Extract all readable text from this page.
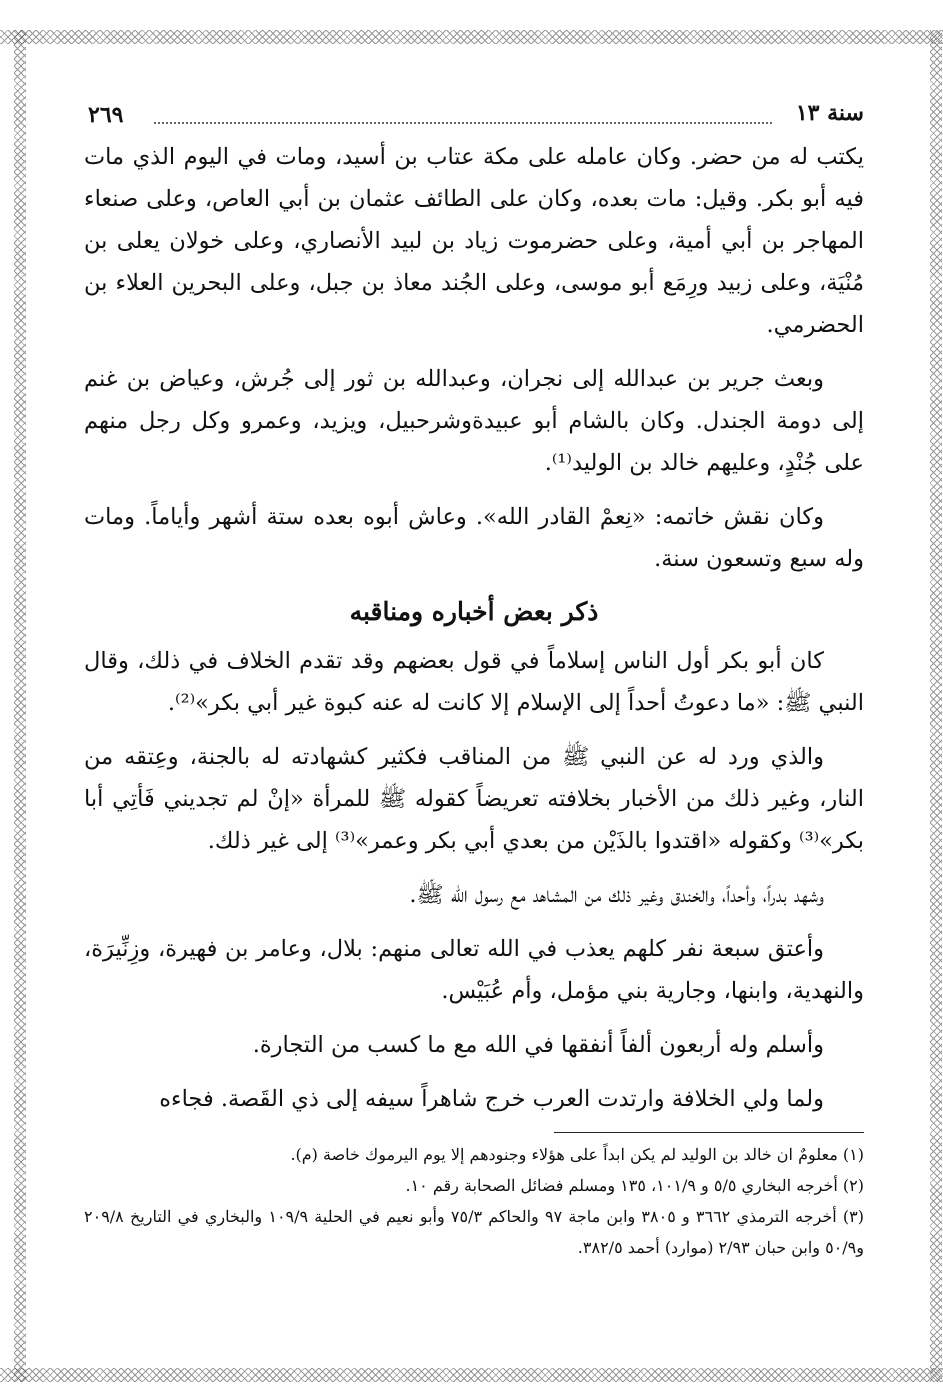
سنة ١٣
٢٦٩

يكتب له من حضر. وكان عامله على مكة عتاب بن أسيد، ومات في اليوم الذي مات فيه أبو بكر. وقيل: مات بعده، وكان على الطائف عثمان بن أبي العاص، وعلى صنعاء المهاجر بن أبي أمية، وعلى حضرموت زياد بن لبيد الأنصاري، وعلى خولان يعلى بن مُنْيَة، وعلى زبيد ورِمَع أبو موسى، وعلى الجُند معاذ بن جبل، وعلى البحرين العلاء بن الحضرمي.

وبعث جرير بن عبدالله إلى نجران، وعبدالله بن ثور إلى جُرش، وعياض بن غنم إلى دومة الجندل. وكان بالشام أبو عبيدةوشرحبيل، ويزيد، وعمرو وكل رجل منهم على جُنْدٍ، وعليهم خالد بن الوليد⁽¹⁾.

وكان نقش خاتمه: «نِعمْ القادر الله». وعاش أبوه بعده ستة أشهر وأياماً. ومات وله سبع وتسعون سنة.

ذكر بعض أخباره ومناقبه

كان أبو بكر أول الناس إسلاماً في قول بعضهم وقد تقدم الخلاف في ذلك، وقال النبي ﷺ: «ما دعوتُ أحداً إلى الإسلام إلا كانت له عنه كبوة غير أبي بكر»⁽²⁾.

والذي ورد له عن النبي ﷺ من المناقب فكثير كشهادته له بالجنة، وعِتقه من النار، وغير ذلك من الأخبار بخلافته تعريضاً كقوله ﷺ للمرأة «إنْ لم تجديني فَأتِي أبا بكر»⁽³⁾ وكقوله «اقتدوا بالذَيْن من بعدي أبي بكر وعمر»⁽³⁾ إلى غير ذلك.

وشهد بدراً، وأحداً، والخندق وغير ذلك من المشاهد مع رسول الله ﷺ.

وأعتق سبعة نفر كلهم يعذب في الله تعالى منهم: بلال، وعامر بن فهيرة، وزِنِّيرَة، والنهدية، وابنها، وجارية بني مؤمل، وأم عُبَيْس.

وأسلم وله أربعون ألفاً أنفقها في الله مع ما كسب من التجارة.

ولما ولي الخلافة وارتدت العرب خرج شاهراً سيفه إلى ذي القَصة. فجاءه

(١) معلومٌ ان خالد بن الوليد لم يكن ابداً على هؤلاء وجنودهم إلا يوم اليرموك خاصة (م).

(٢) أخرجه البخاري ٥/٥ و ١٠١/٩، ١٣٥ ومسلم فضائل الصحابة رقم ١٠.

(٣) أخرجه الترمذي ٣٦٦٢ و ٣٨٠٥ وابن ماجة ٩٧ والحاكم ٧٥/٣ وأبو نعيم في الحلية ١٠٩/٩ والبخاري في التاريخ ٢٠٩/٨ و٥٠/٩ وابن حبان ٢/٩٣ (موارد) أحمد ٣٨٢/٥.
